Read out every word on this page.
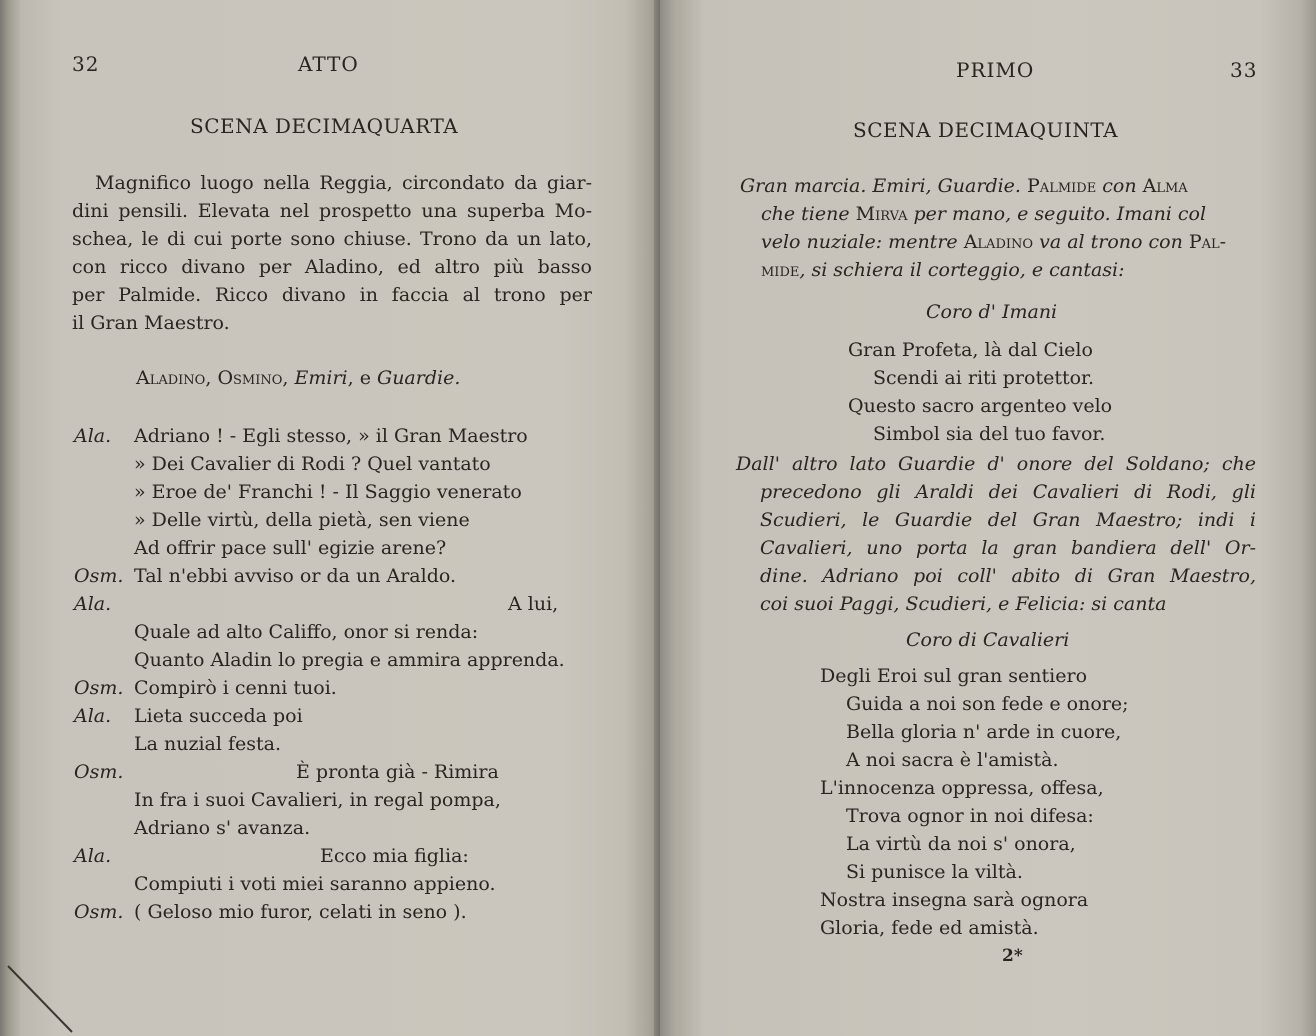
32	ATTO
SCENA DECIMAQUARTA
Magnifico luogo nella Reggia, circondato da giar-
dini pensili. Elevata nel prospetto una superba Mo-
schea, le di cui porte sono chiuse. Trono da un lato,
con ricco divano per Aladino, ed altro più basso
per Palmide. Ricco divano in faccia al trono per
il Gran Maestro.
Aladino, Osmino, Emiri, e Guardie.
Ala.
Osm.
Ala.
Osm.
Ala.
Osm.
Ala.
Osm.
Adriano ! - Egli stesso, » il Gran Maestro
» Dei Cavalier di Rodi ? Quel vantato
» Eroe de' Franchi ! - Il Saggio venerato
» Delle virtù, della pietà, sen viene
Ad offrir pace sull' egizie arene?
Tal n'ebbi avviso or da un Araldo.
A lui,
Quale ad alto Califfo, onor si renda:
Quanto Aladin lo pregia e ammira apprenda.
Compirò i cenni tuoi.
Lieta succeda poi
La nuzial festa.
È pronta già - Rimira
In fra i suoi Cavalieri, in regal pompa,
Adriano s' avanza.
Ecco mia figlia:
Compiuti i voti miei saranno appieno.
( Geloso mio furor, celati in seno ).
PRIMO	33
SCENA DECIMAQUINTA
Gran marcia. Emiri, Guardie. Palmide con Alma
che tiene Mirva per mano, e seguito. Imani col
velo nuziale: mentre Aladino va al trono con Pal-
mide, si schiera il corteggio, e cantasi:
Coro d' Imani
Gran Profeta, là dal Cielo
Scendi ai riti protettor.
Questo sacro argenteo velo
Simbol sia del tuo favor.
Dall' altro lato Guardie d' onore del Soldano; che
precedono gli Araldi dei Cavalieri di Rodi, gli
Scudieri, le Guardie del Gran Maestro; indi i
Cavalieri, uno porta la gran bandiera dell' Or-
dine. Adriano poi coll' abito di Gran Maestro,
coi suoi Paggi, Scudieri, e Felicia: si canta
Coro di Cavalieri
Degli Eroi sul gran sentiero
Guida a noi son fede e onore;
Bella gloria n' arde in cuore,
A noi sacra è l'amistà.
L'innocenza oppressa, offesa,
Trova ognor in noi difesa:
La virtù da noi s' onora,
Si punisce la viltà.
Nostra insegna sarà ognora
Gloria, fede ed amistà.
2*
